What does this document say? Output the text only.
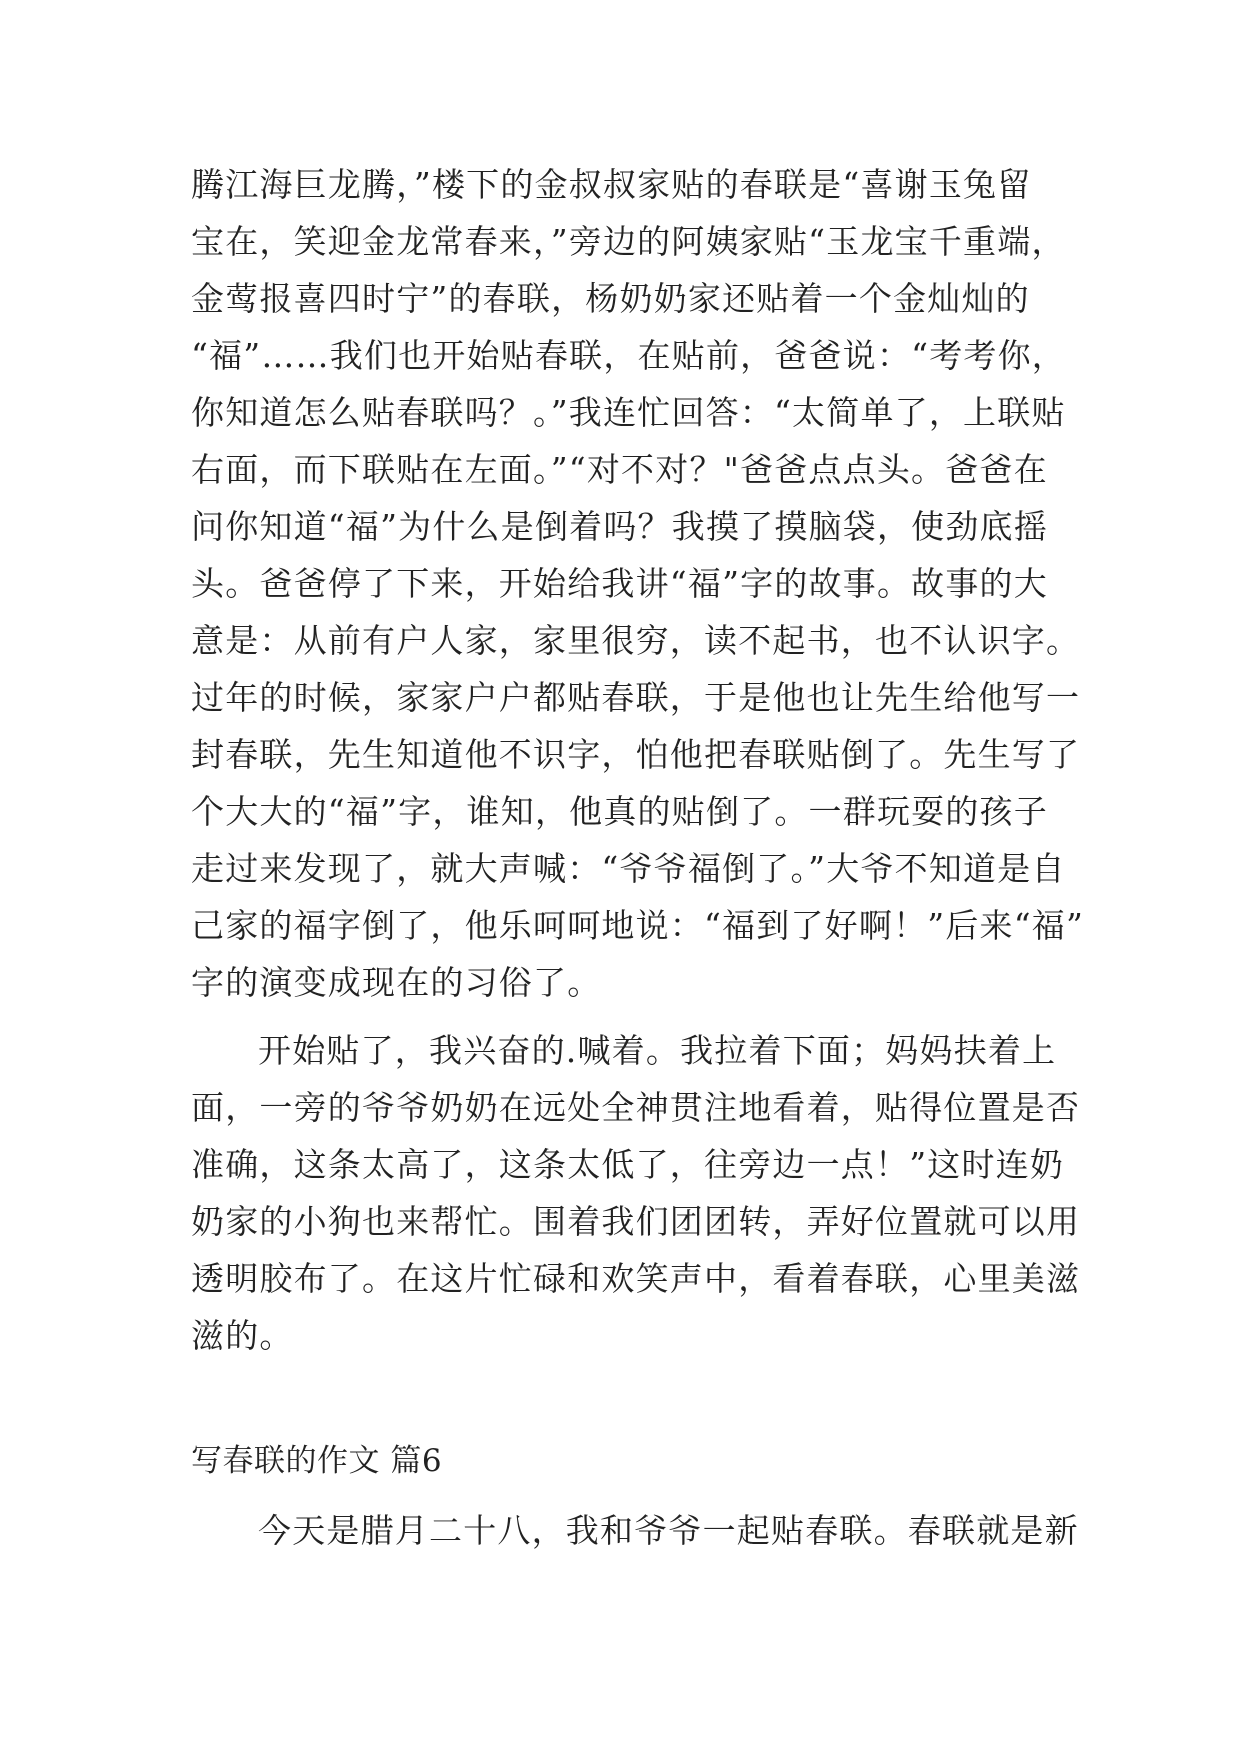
腾江海巨龙腾，”楼下的金叔叔家贴的春联是“喜谢玉兔留
宝在，笑迎金龙常春来，”旁边的阿姨家贴“玉龙宝千重端，
金莺报喜四时宁”的春联，杨奶奶家还贴着一个金灿灿的
“福”……我们也开始贴春联，在贴前，爸爸说：“考考你，
你知道怎么贴春联吗？。”我连忙回答：“太简单了，上联贴
右面，而下联贴在左面。”“对不对？"爸爸点点头。爸爸在
问你知道“福”为什么是倒着吗？我摸了摸脑袋，使劲底摇
头。爸爸停了下来，开始给我讲“福”字的故事。故事的大
意是：从前有户人家，家里很穷，读不起书，也不认识字。
过年的时候，家家户户都贴春联，于是他也让先生给他写一
封春联，先生知道他不识字，怕他把春联贴倒了。先生写了
个大大的“福”字，谁知，他真的贴倒了。一群玩耍的孩子
走过来发现了，就大声喊：“爷爷福倒了。”大爷不知道是自
己家的福字倒了，他乐呵呵地说：“福到了好啊！”后来“福”
字的演变成现在的习俗了。
开始贴了，我兴奋的.喊着。我拉着下面；妈妈扶着上
面，一旁的爷爷奶奶在远处全神贯注地看着，贴得位置是否
准确，这条太高了，这条太低了，往旁边一点！”这时连奶
奶家的小狗也来帮忙。围着我们团团转，弄好位置就可以用
透明胶布了。在这片忙碌和欢笑声中，看着春联，心里美滋
滋的。
写春联的作文 篇6
今天是腊月二十八，我和爷爷一起贴春联。春联就是新
